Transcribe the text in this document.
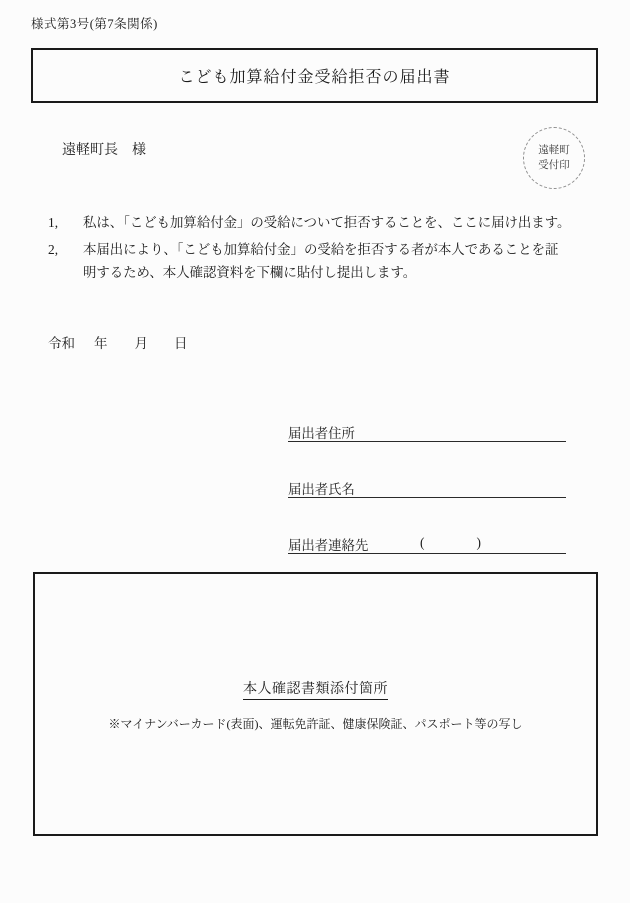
様式第3号(第7条関係)
こども加算給付金受給拒否の届出書
遠軽町長　様	遠軽町
受付印
1,	私は、「こども加算給付金」の受給について拒否することを、ここに届け出ます。
2,	本届出により、「こども加算給付金」の受給を拒否する者が本人であることを証明するため、本人確認資料を下欄に貼付し提出します。
令和 年 月 日
届出者住所
届出者氏名
届出者連絡先	(	)
本人確認書類添付箇所
※マイナンバーカード(表面)、運転免許証、健康保険証、パスポート等の写し
